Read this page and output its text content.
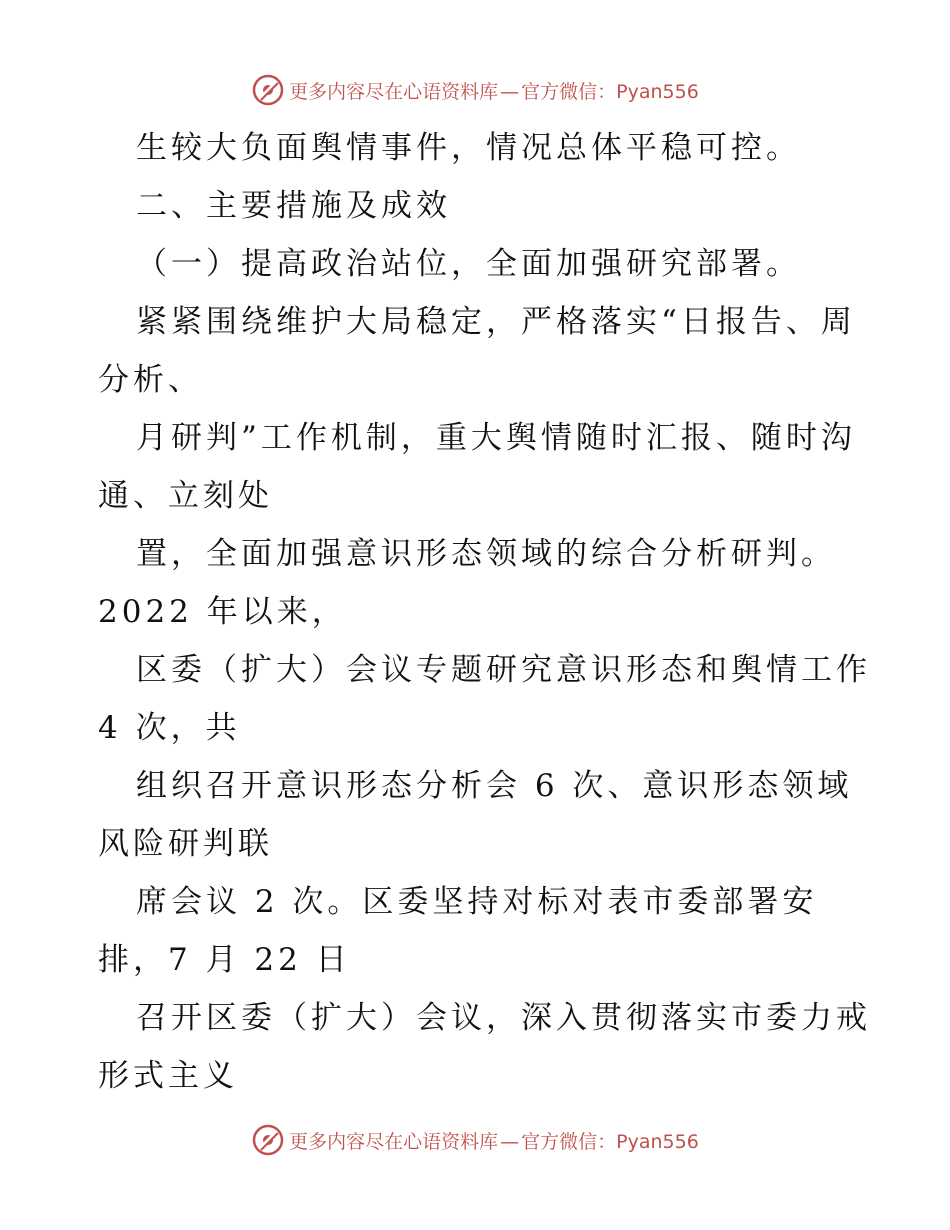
更多内容尽在心语资料库 — 官方微信：Pyan556
生较大负面舆情事件，情况总体平稳可控。
二、主要措施及成效
（一）提高政治站位，全面加强研究部署。
紧紧围绕维护大局稳定，严格落实“日报告、周
分析、
月研判”工作机制，重大舆情随时汇报、随时沟
通、立刻处
置，全面加强意识形态领域的综合分析研判。
2022 年以来，
区委（扩大）会议专题研究意识形态和舆情工作
4 次，共
组织召开意识形态分析会 6 次、意识形态领域
风险研判联
席会议 2 次。区委坚持对标对表市委部署安
排，7 月 22 日
召开区委（扩大）会议，深入贯彻落实市委力戒
形式主义
更多内容尽在心语资料库 — 官方微信：Pyan556
